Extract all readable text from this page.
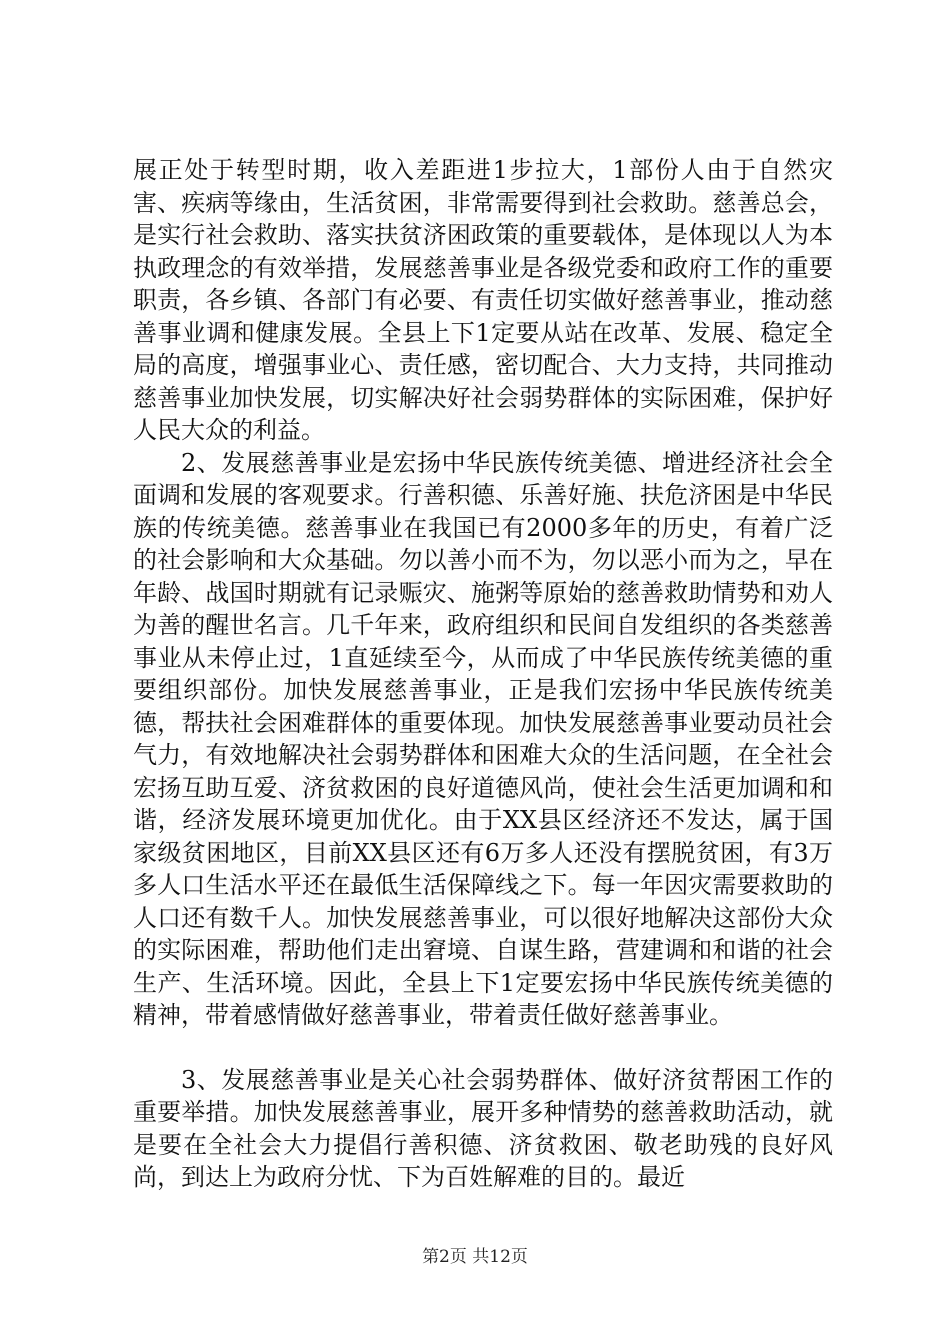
展正处于转型时期，收入差距进1步拉大，1部份人由于自然灾害、疾病等缘由，生活贫困，非常需要得到社会救助。慈善总会，是实行社会救助、落实扶贫济困政策的重要载体，是体现以人为本执政理念的有效举措，发展慈善事业是各级党委和政府工作的重要职责，各乡镇、各部门有必要、有责任切实做好慈善事业，推动慈善事业调和健康发展。全县上下1定要从站在改革、发展、稳定全局的高度，增强事业心、责任感，密切配合、大力支持，共同推动慈善事业加快发展，切实解决好社会弱势群体的实际困难，保护好人民大众的利益。

2、发展慈善事业是宏扬中华民族传统美德、增进经济社会全面调和发展的客观要求。行善积德、乐善好施、扶危济困是中华民族的传统美德。慈善事业在我国已有2000多年的历史，有着广泛的社会影响和大众基础。勿以善小而不为，勿以恶小而为之，早在年龄、战国时期就有记录赈灾、施粥等原始的慈善救助情势和劝人为善的醒世名言。几千年来，政府组织和民间自发组织的各类慈善事业从未停止过，1直延续至今，从而成了中华民族传统美德的重要组织部份。加快发展慈善事业，正是我们宏扬中华民族传统美德，帮扶社会困难群体的重要体现。加快发展慈善事业要动员社会气力，有效地解决社会弱势群体和困难大众的生活问题，在全社会宏扬互助互爱、济贫救困的良好道德风尚，使社会生活更加调和和谐，经济发展环境更加优化。由于XX县区经济还不发达，属于国家级贫困地区，目前XX县区还有6万多人还没有摆脱贫困，有3万多人口生活水平还在最低生活保障线之下。每一年因灾需要救助的人口还有数千人。加快发展慈善事业，可以很好地解决这部份大众的实际困难，帮助他们走出窘境、自谋生路，营建调和和谐的社会生产、生活环境。因此，全县上下1定要宏扬中华民族传统美德的精神，带着感情做好慈善事业，带着责任做好慈善事业。

3、发展慈善事业是关心社会弱势群体、做好济贫帮困工作的重要举措。加快发展慈善事业，展开多种情势的慈善救助活动，就是要在全社会大力提倡行善积德、济贫救困、敬老助残的良好风尚，到达上为政府分忧、下为百姓解难的目的。最近

第2页 共12页
